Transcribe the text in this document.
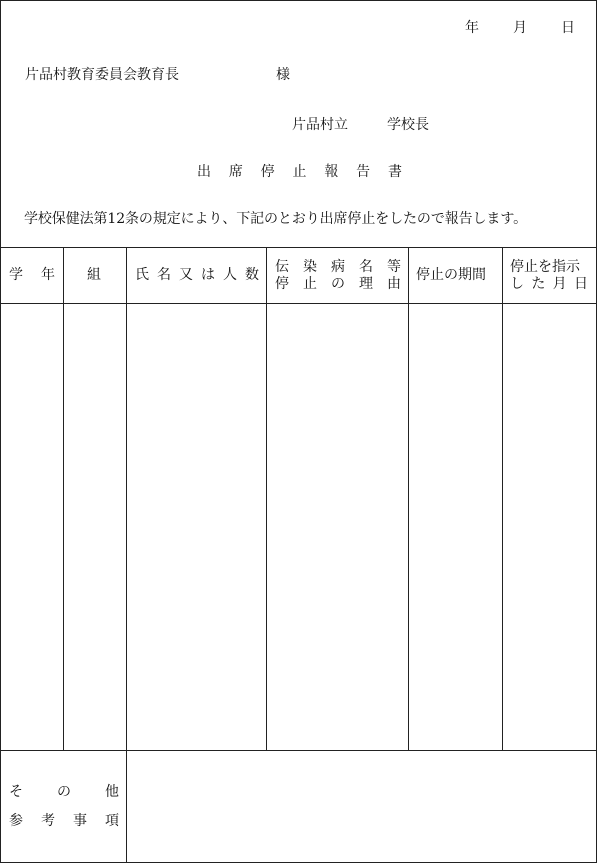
年 月 日
片品村教育委員会教育長	様
片品村立	学校長
出 席 停 止 報 告 書
学校保健法第12条の規定により、下記のとおり出席停止をしたので報告します。
学 年 組 氏 名 又 は 人 数 伝 染 病 名 等
停 止 の 理 由
停止の期間 停止を指示
し た 月 日
そ の 他
参 考 事 項
